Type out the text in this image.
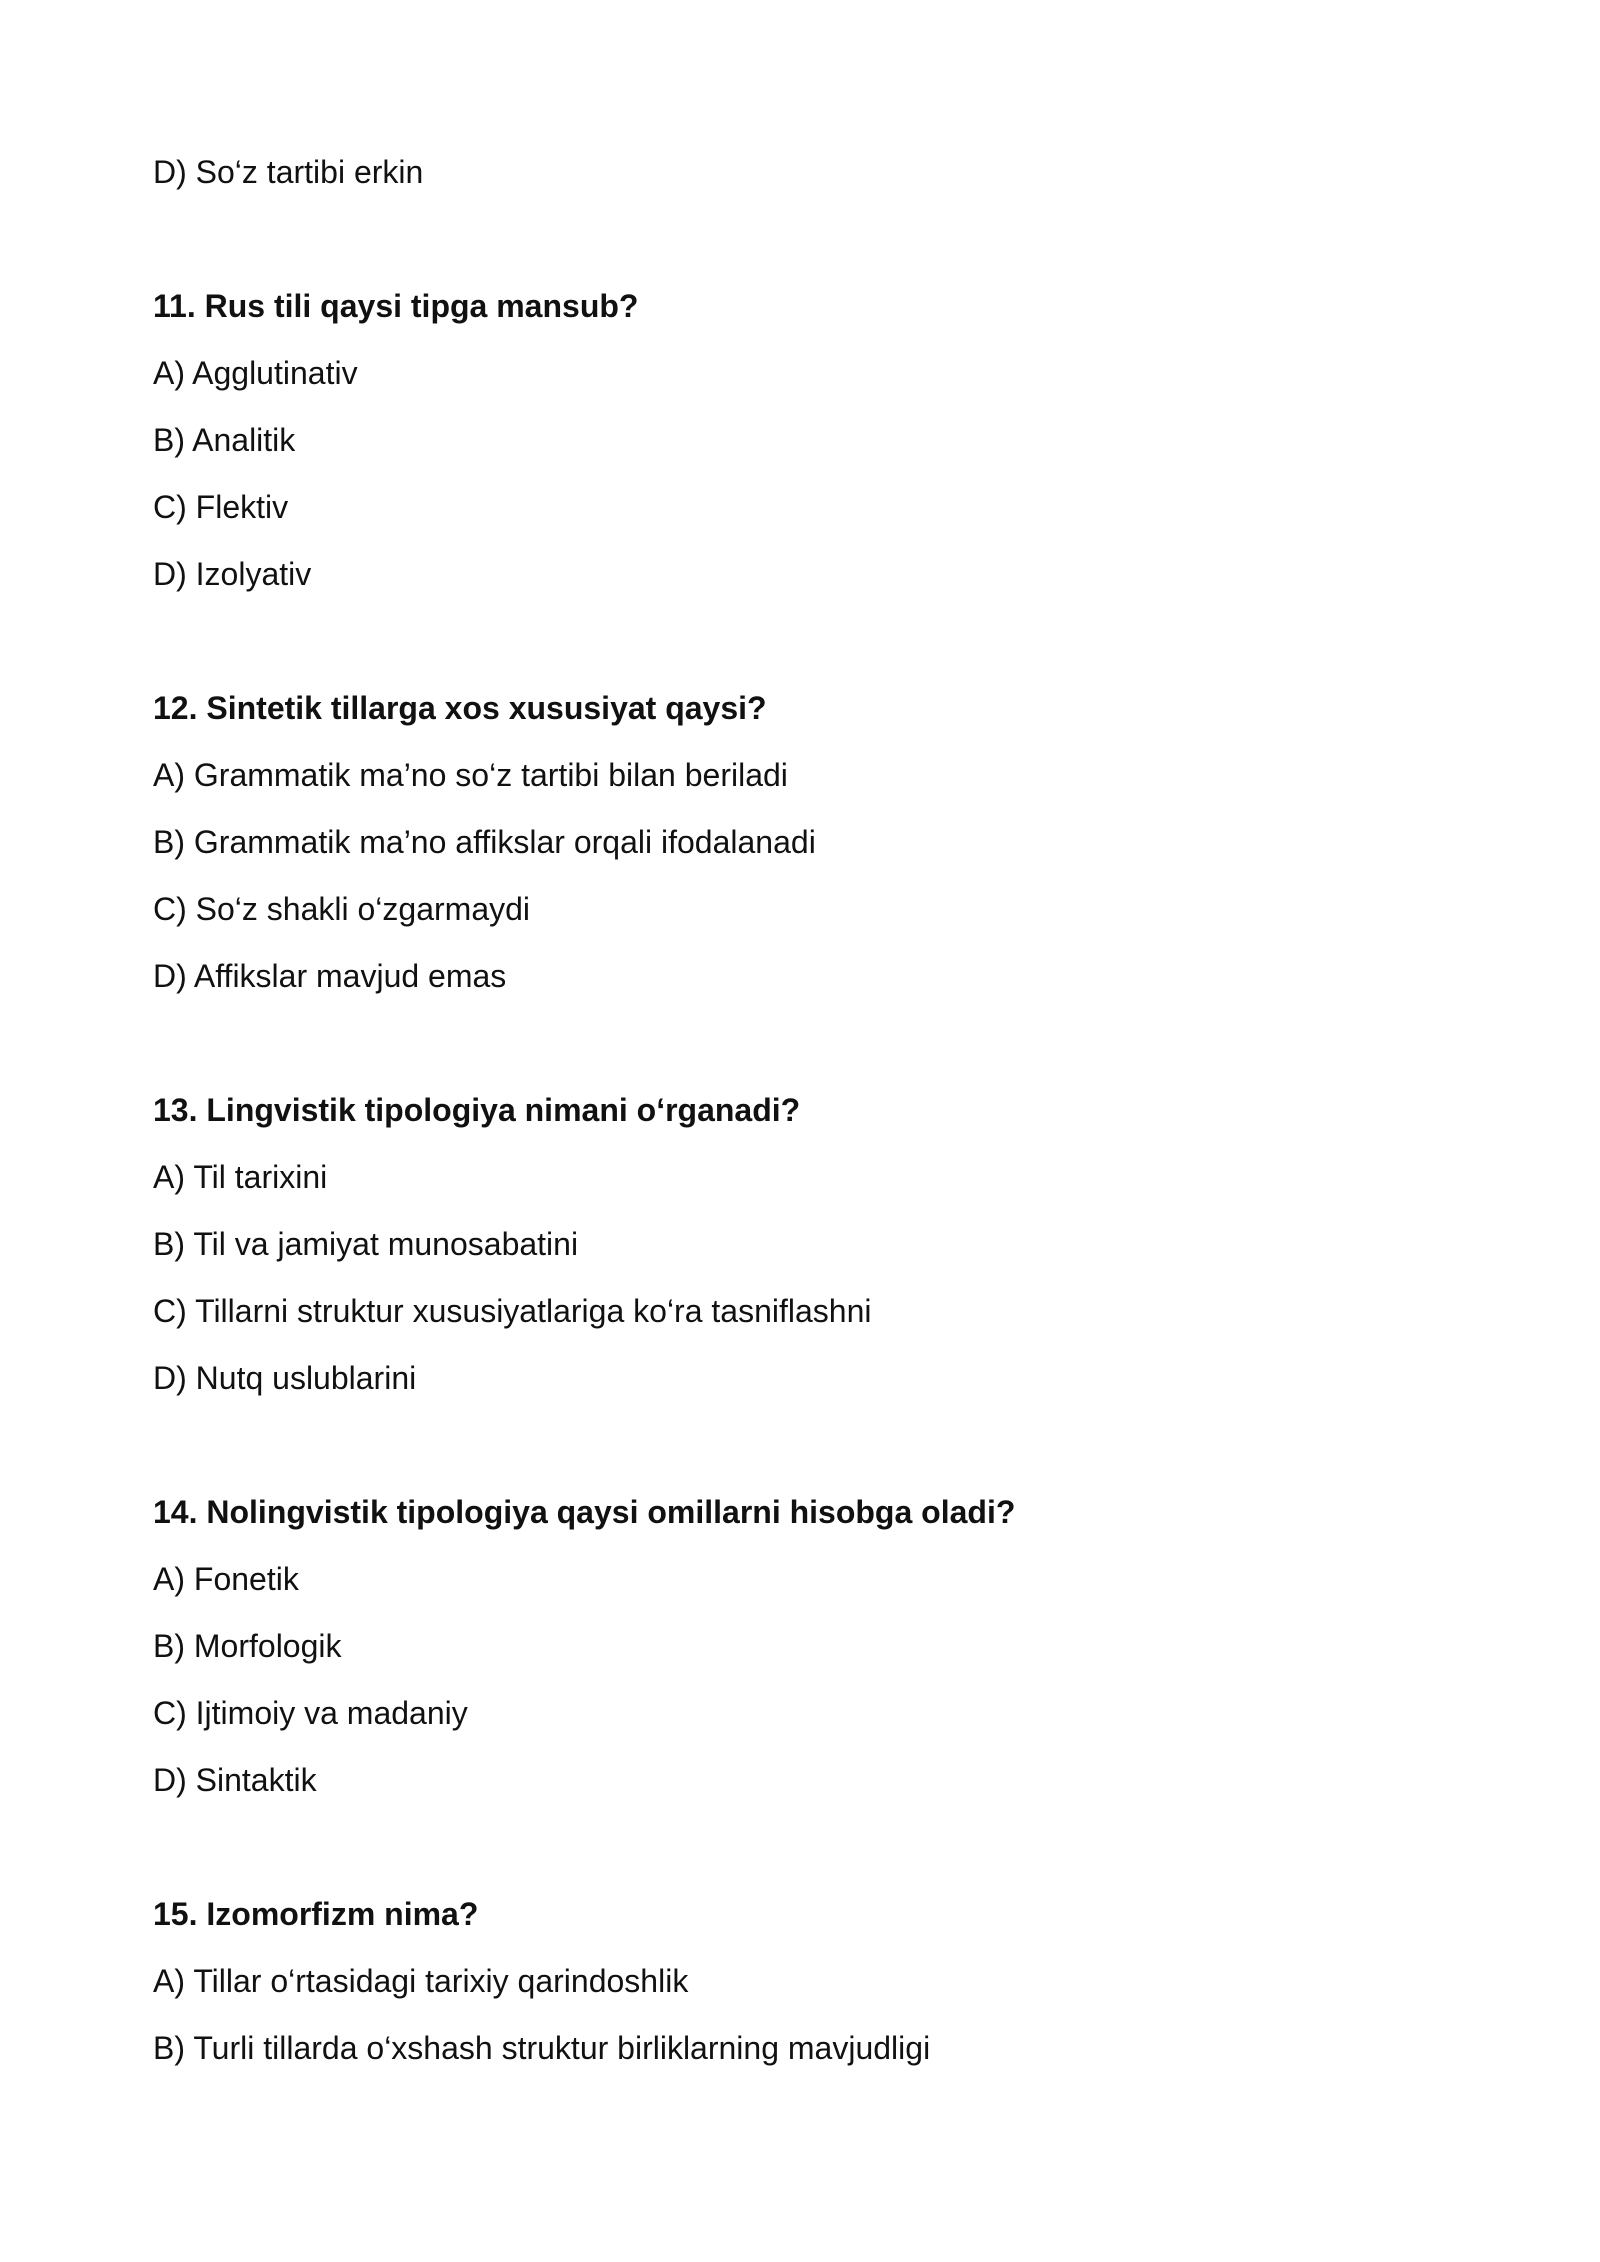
D) So‘z tartibi erkin
11. Rus tili qaysi tipga mansub?
A) Agglutinativ
B) Analitik
C) Flektiv
D) Izolyativ
12. Sintetik tillarga xos xususiyat qaysi?
A) Grammatik ma’no so‘z tartibi bilan beriladi
B) Grammatik ma’no affikslar orqali ifodalanadi
C) So‘z shakli o‘zgarmaydi
D) Affikslar mavjud emas
13. Lingvistik tipologiya nimani o‘rganadi?
A) Til tarixini
B) Til va jamiyat munosabatini
C) Tillarni struktur xususiyatlariga ko‘ra tasniflashni
D) Nutq uslublarini
14. Nolingvistik tipologiya qaysi omillarni hisobga oladi?
A) Fonetik
B) Morfologik
C) Ijtimoiy va madaniy
D) Sintaktik
15. Izomorfizm nima?
A) Tillar o‘rtasidagi tarixiy qarindoshlik
B) Turli tillarda o‘xshash struktur birliklarning mavjudligi
